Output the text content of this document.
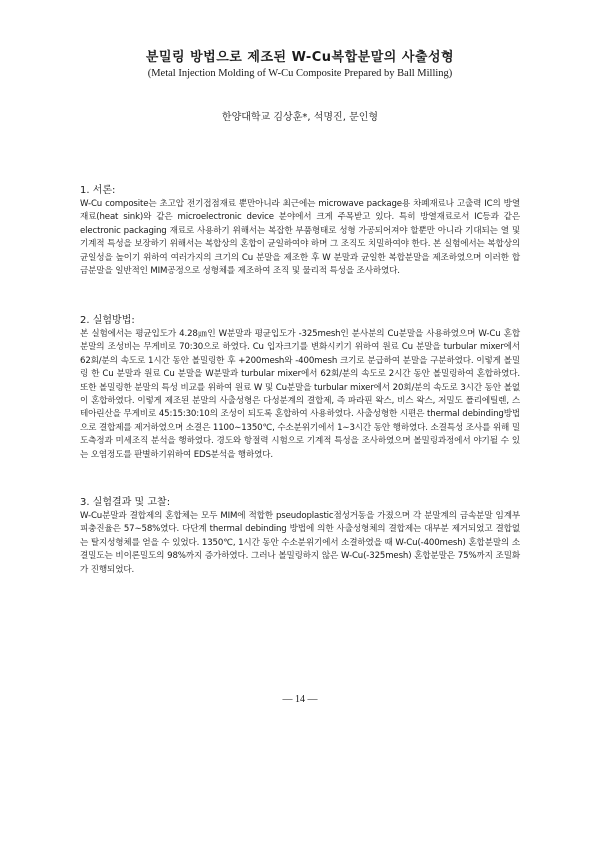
분밀링 방법으로 제조된 W-Cu복합분말의 사출성형
(Metal Injection Molding of W-Cu Composite Prepared by Ball Milling)
한양대학교 김상훈*, 석명진, 문인형

1. 서론:

W-Cu composite는 초고압 전기접점재료 뿐만아니라 최근에는 microwave package용 차폐재료나 고출력 IC의 방열재료(heat sink)와 같은 microelectronic device 분야에서 크게 주목받고 있다. 특히 방열재료로서 IC등과 같은 electronic packaging 재료로 사용하기 위해서는 복잡한 부품형태로 성형 가공되어져야 할뿐만 아니라 기대되는 열 및 기계적 특성을 보장하기 위해서는 복합상의 혼합이 균일하여야 하며 그 조직도 치밀하여야 한다. 본 실험에서는 복합상의 균일성을 높이기 위하여 여러가지의 크기의 Cu 분말을 제조한 후 W 분말과 균일한 복합분말을 제조하였으며 이러한 합금분말을 일반적인 MIM공정으로 성형체를 제조하여 조직 및 물리적 특성을 조사하였다.

2. 실험방법:

본 실험에서는 평균입도가 4.28㎛인 W분말과 평균입도가 -325mesh인 분사분의 Cu분말을 사용하였으며 W-Cu 혼합분말의 조성비는 무게비로 70:30으로 하였다. Cu 입자크기를 변화시키기 위하여 원료 Cu 분말을 turbular mixer에서 62회/분의 속도로 1시간 동안 볼밀링한 후 +200mesh와 -400mesh 크기로 분급하여 분말을 구분하였다. 이렇게 볼밀링 한 Cu 분말과 원료 Cu 분말을 W분말과 turbular mixer에서 62회/분의 속도로 2시간 동안 볼밀링하여 혼합하였다. 또한 볼밀링한 분말의 특성 비교를 위하여 원료 W 및 Cu분말을 turbular mixer에서 20회/분의 속도로 3시간 동안 볼없이 혼합하였다. 이렇게 제조된 분말의 사출성형은 다성분계의 결합제, 즉 파라핀 왁스, 비스 왁스, 저밀도 폴리에틸렌, 스테아린산을 무게비로 45:15:30:10의 조성이 되도록 혼합하여 사용하였다. 사출성형한 시편은 thermal debinding방법으로 결합제를 제거하였으며 소결은 1100∼1350℃, 수소분위기에서 1∼3시간 동안 행하였다. 소결특성 조사를 위해 밀도측정과 미세조직 분석을 행하였다. 경도와 항절력 시험으로 기계적 특성을 조사하였으며 볼밀링과정에서 야기될 수 있는 오염정도를 판별하기위하여 EDS분석을 행하였다.

3. 실험결과 및 고찰:

W-Cu분말과 결합제의 혼합체는 모두 MIM에 적합한 pseudoplastic점성거동을 가졌으며 각 분말계의 금속분말 임계부피충진율은 57∼58%였다. 다단계 thermal debinding 방법에 의한 사출성형체의 결합제는 대부분 제거되었고 결합없는 탈지성형체를 얻을 수 있었다. 1350℃, 1시간 동안 수소분위기에서 소결하였을 때 W-Cu(-400mesh) 혼합분말의 소결밀도는 비이론밀도의 98%까지 증가하였다. 그러나 볼밀링하지 않은 W-Cu(-325mesh) 혼합분말은 75%까지 조밀화가 진행되었다.

— 14 —
